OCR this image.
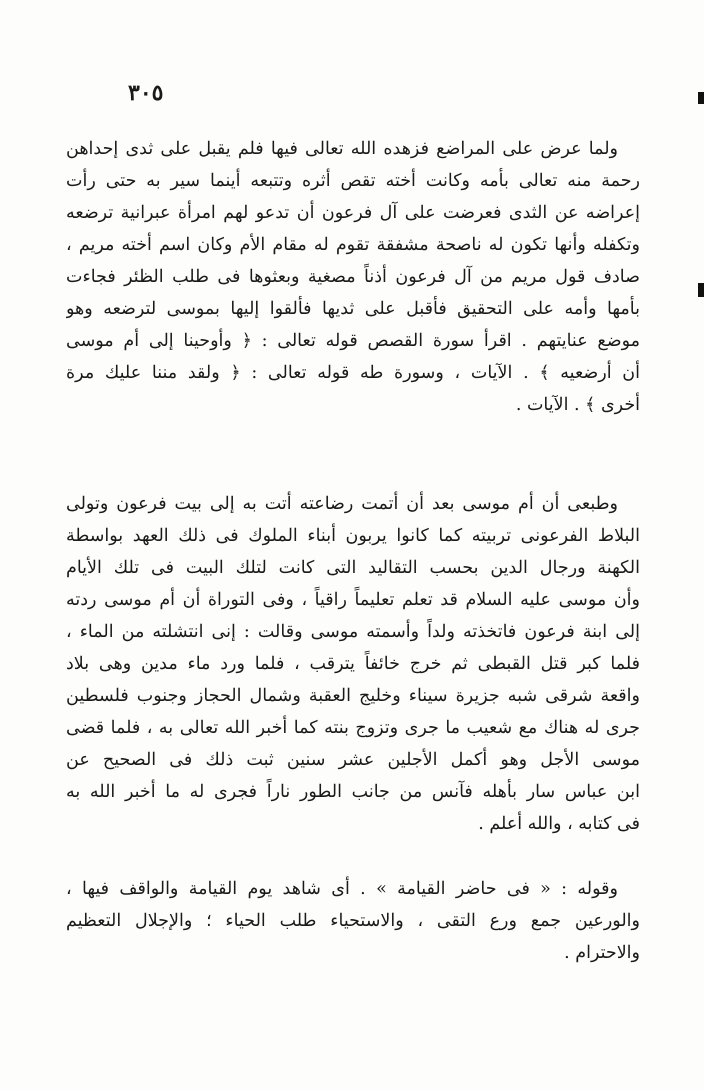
٣٠٥
ولما عرض على المراضع فزهده الله تعالى فيها فلم يقبل على ثدى إحداهن
رحمة منه تعالى بأمه وكانت أخته تقص أثره وتتبعه أينما سير به حتى رأت
إعراضه عن الثدى فعرضت على آل فرعون أن تدعو لهم امرأة عبرانية ترضعه
وتكفله وأنها تكون له ناصحة مشفقة تقوم له مقام الأم وكان اسم أخته مريم ،
صادف قول مريم من آل فرعون أذناً مصغية وبعثوها فى طلب الظئر فجاءت
بأمها وأمه على التحقيق فأقبل على ثديها فألقوا إليها بموسى لترضعه وهو
موضع عنايتهم . اقرأ سورة القصص قوله تعالى : ﴿ وأوحينا إلى أم موسى
أن أرضعيه ﴾ . الآيات ، وسورة طه قوله تعالى : ﴿ ولقد مننا عليك مرة
أخرى ﴾ . الآيات .
وطبعى أن أم موسى بعد أن أتمت رضاعته أتت به إلى بيت فرعون وتولى
البلاط الفرعونى تربيته كما كانوا يربون أبناء الملوك فى ذلك العهد بواسطة
الكهنة ورجال الدين بحسب التقاليد التى كانت لتلك البيت فى تلك الأيام
وأن موسى عليه السلام قد تعلم تعليماً راقياً ، وفى التوراة أن أم موسى ردته
إلى ابنة فرعون فاتخذته ولداً وأسمته موسى وقالت : إنى انتشلته من الماء ،
فلما كبر قتل القبطى ثم خرج خائفاً يترقب ، فلما ورد ماء مدين وهى بلاد
واقعة شرقى شبه جزيرة سيناء وخليج العقبة وشمال الحجاز وجنوب فلسطين
جرى له هناك مع شعيب ما جرى وتزوج بنته كما أخبر الله تعالى به ، فلما قضى
موسى الأجل وهو أكمل الأجلين عشر سنين ثبت ذلك فى الصحيح عن
ابن عباس سار بأهله فآنس من جانب الطور ناراً فجرى له ما أخبر الله به
فى كتابه ، والله أعلم .
وقوله : « فى حاضر القيامة » . أى شاهد يوم القيامة والواقف فيها ،
والورعين جمع ورع التقى ، والاستحياء طلب الحياء ؛ والإجلال التعظيم
والاحترام .
